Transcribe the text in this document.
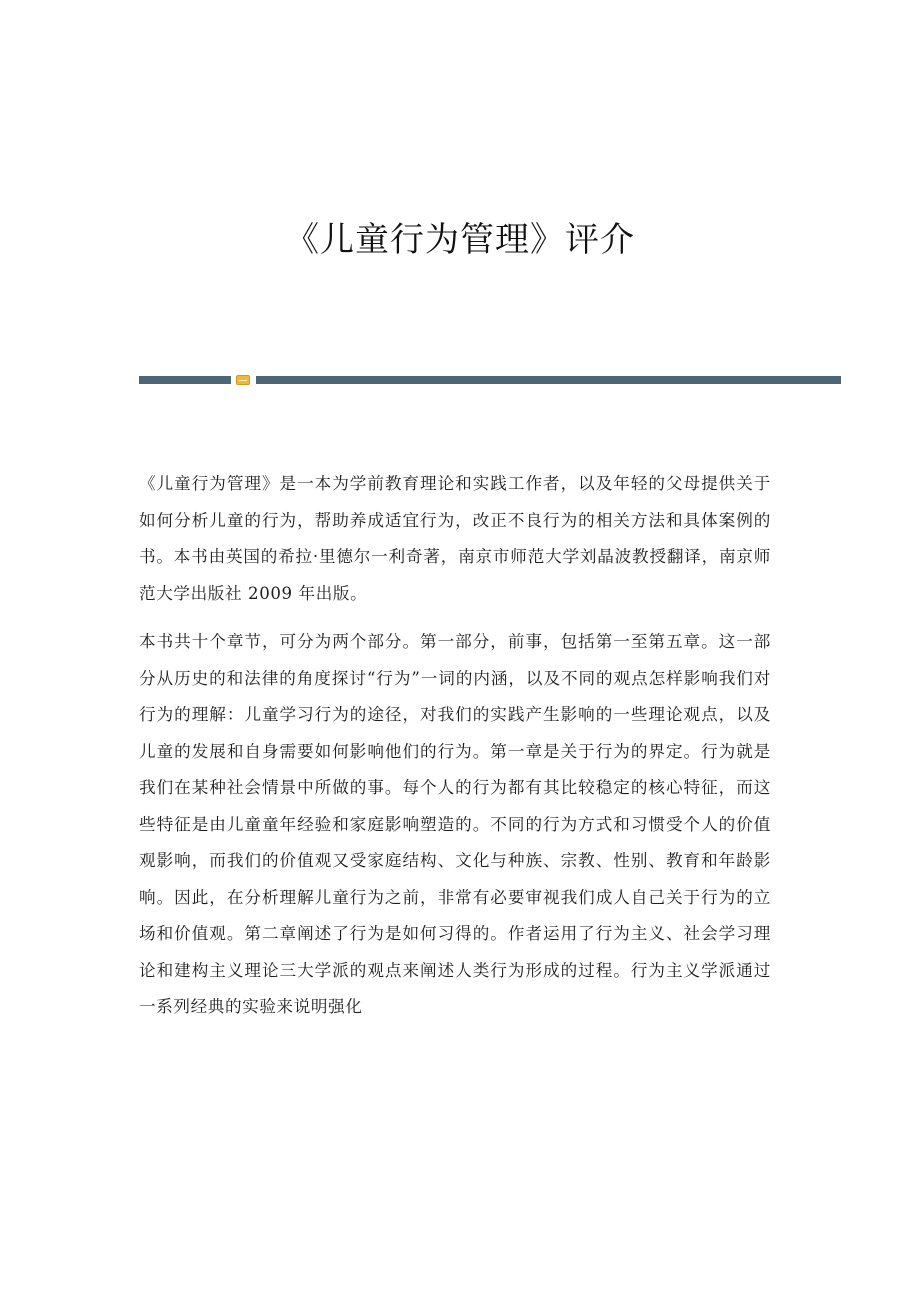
《儿童行为管理》评介

《儿童行为管理》是一本为学前教育理论和实践工作者，以及年轻的父母提供关于如何分析儿童的行为，帮助养成适宜行为，改正不良行为的相关方法和具体案例的书。本书由英国的希拉·里德尔一利奇著，南京市师范大学刘晶波教授翻译，南京师范大学出版社 2009 年出版。

本书共十个章节，可分为两个部分。第一部分，前事，包括第一至第五章。这一部分从历史的和法律的角度探讨“行为”一词的内涵，以及不同的观点怎样影响我们对行为的理解：儿童学习行为的途径，对我们的实践产生影响的一些理论观点，以及儿童的发展和自身需要如何影响他们的行为。第一章是关于行为的界定。行为就是我们在某种社会情景中所做的事。每个人的行为都有其比较稳定的核心特征，而这些特征是由儿童童年经验和家庭影响塑造的。不同的行为方式和习惯受个人的价值观影响，而我们的价值观又受家庭结构、文化与种族、宗教、性别、教育和年龄影响。因此，在分析理解儿童行为之前，非常有必要审视我们成人自己关于行为的立场和价值观。第二章阐述了行为是如何习得的。作者运用了行为主义、社会学习理论和建构主义理论三大学派的观点来阐述人类行为形成的过程。行为主义学派通过一系列经典的实验来说明强化
